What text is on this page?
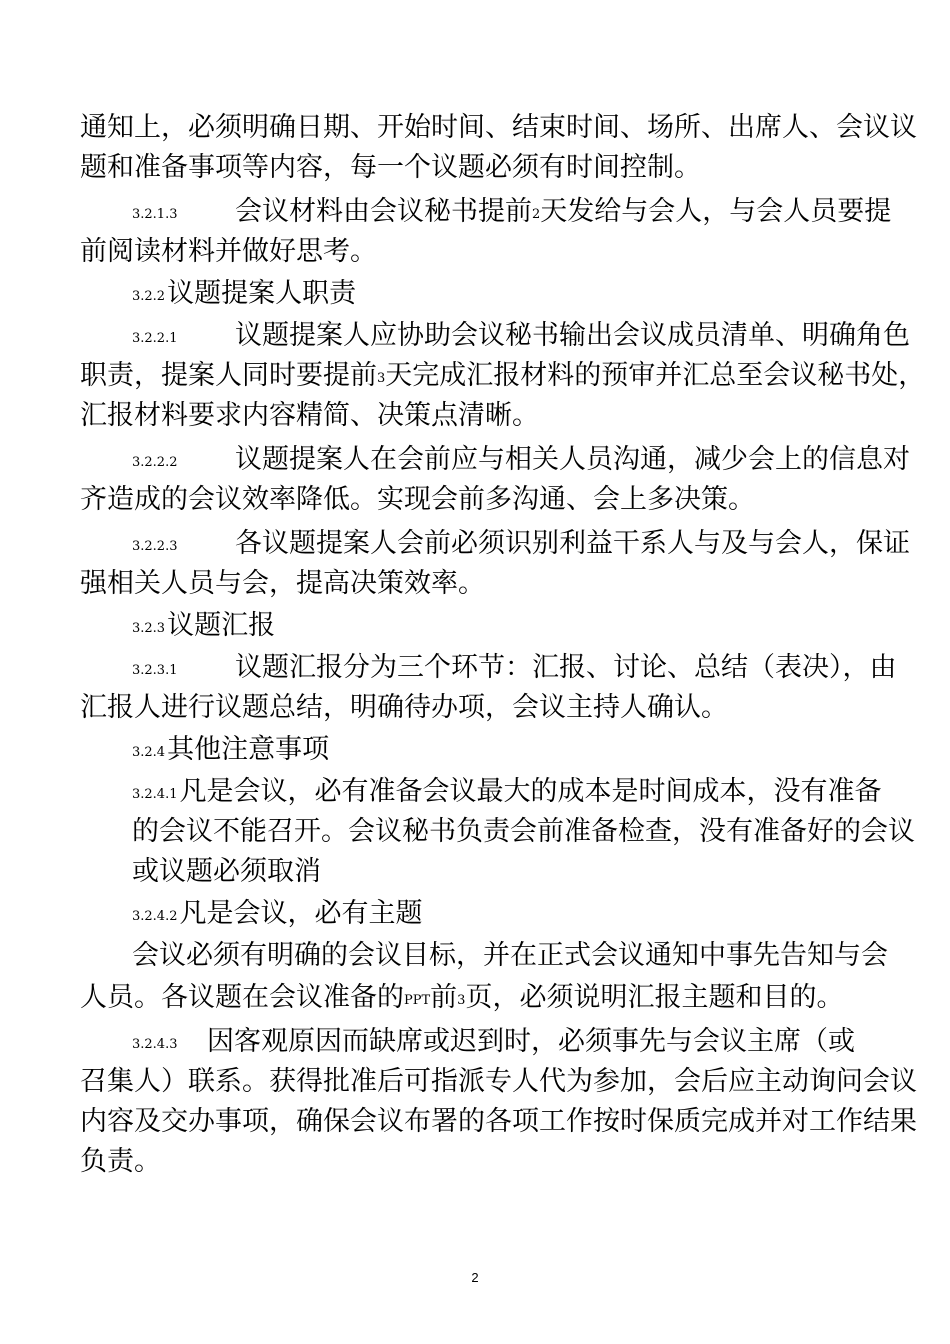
通知上，必须明确日期、开始时间、结束时间、场所、出席人、会议议
题和准备事项等内容，每一个议题必须有时间控制。
3.2.1.3 会议材料由会议秘书提前2天发给与会人，与会人员要提
前阅读材料并做好思考。
3.2.2议题提案人职责
3.2.2.1 议题提案人应协助会议秘书输出会议成员清单、明确角色
职责，提案人同时要提前3天完成汇报材料的预审并汇总至会议秘书处，
汇报材料要求内容精简、决策点清晰。
3.2.2.2 议题提案人在会前应与相关人员沟通，减少会上的信息对
齐造成的会议效率降低。实现会前多沟通、会上多决策。
3.2.2.3 各议题提案人会前必须识别利益干系人与及与会人，保证
强相关人员与会，提高决策效率。
3.2.3议题汇报
3.2.3.1 议题汇报分为三个环节：汇报、讨论、总结（表决），由
汇报人进行议题总结，明确待办项，会议主持人确认。
3.2.4其他注意事项
3.2.4.1凡是会议，必有准备会议最大的成本是时间成本，没有准备
的会议不能召开。会议秘书负责会前准备检查，没有准备好的会议
或议题必须取消
3.2.4.2凡是会议，必有主题
会议必须有明确的会议目标，并在正式会议通知中事先告知与会
人员。各议题在会议准备的PPT前3页，必须说明汇报主题和目的。
3.2.4.3 因客观原因而缺席或迟到时，必须事先与会议主席（或
召集人）联系。获得批准后可指派专人代为参加，会后应主动询问会议
内容及交办事项，确保会议布署的各项工作按时保质完成并对工作结果
负责。
2
